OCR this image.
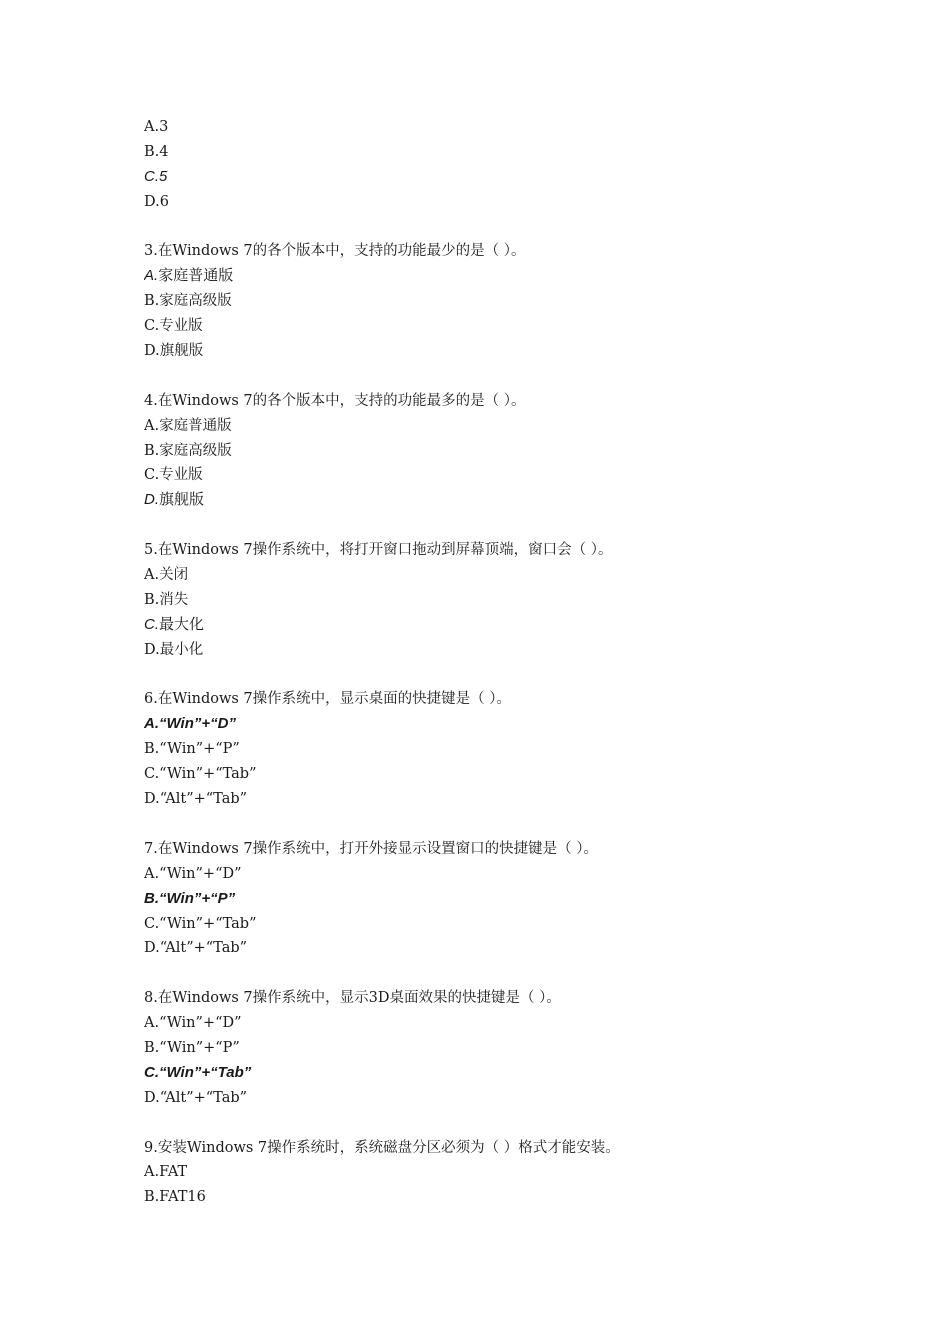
A.3
B.4
C.5
D.6
3.在Windows 7的各个版本中，支持的功能最少的是（ ）。
A.家庭普通版
B.家庭高级版
C.专业版
D.旗舰版
4.在Windows 7的各个版本中，支持的功能最多的是（ ）。
A.家庭普通版
B.家庭高级版
C.专业版
D.旗舰版
5.在Windows 7操作系统中，将打开窗口拖动到屏幕顶端，窗口会（ ）。
A.关闭
B.消失
C.最大化
D.最小化
6.在Windows 7操作系统中，显示桌面的快捷键是（ ）。
A.“Win”+“D”
B.“Win”+“P”
C.“Win”+“Tab”
D.“Alt”+“Tab”
7.在Windows 7操作系统中，打开外接显示设置窗口的快捷键是（ ）。
A.“Win”+“D”
B.“Win”+“P”
C.“Win”+“Tab”
D.“Alt”+“Tab”
8.在Windows 7操作系统中，显示3D桌面效果的快捷键是（ ）。
A.“Win”+“D”
B.“Win”+“P”
C.“Win”+“Tab”
D.“Alt”+“Tab”
9.安装Windows 7操作系统时，系统磁盘分区必须为（ ）格式才能安装。
A.FAT
B.FAT16
